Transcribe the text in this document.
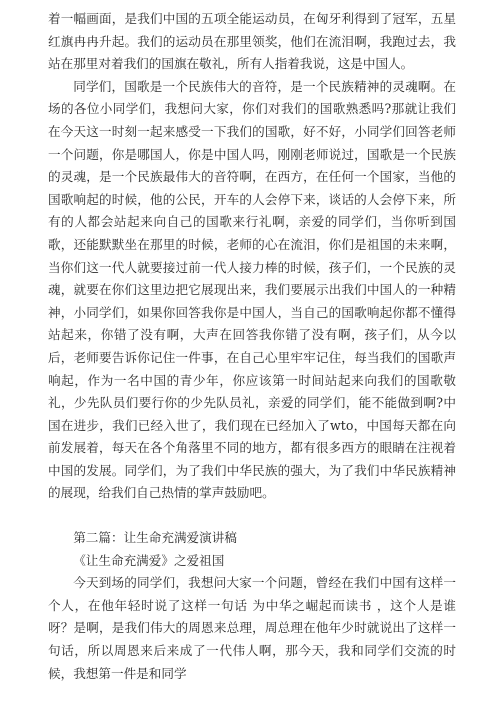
着一幅画面，是我们中国的五项全能运动员，在匈牙利得到了冠军，五星红旗冉冉升起。我们的运动员在那里领奖，他们在流泪啊，我跑过去，我站在那里对着我们的国旗在敬礼，所有人指着我说，这是中国人。

同学们，国歌是一个民族伟大的音符，是一个民族精神的灵魂啊。在场的各位小同学们，我想问大家，你们对我们的国歌熟悉吗?那就让我们在今天这一时刻一起来感受一下我们的国歌，好不好，小同学们回答老师一个问题，你是哪国人，你是中国人吗，刚刚老师说过，国歌是一个民族的灵魂，是一个民族最伟大的音符啊，在西方，在任何一个国家，当他的国歌响起的时候，他的公民，开车的人会停下来，谈话的人会停下来，所有的人都会站起来向自己的国歌来行礼啊，亲爱的同学们，当你听到国歌，还能默默坐在那里的时候，老师的心在流泪，你们是祖国的未来啊，当你们这一代人就要接过前一代人接力棒的时候，孩子们，一个民族的灵魂，就要在你们这里边把它展现出来，我们要展示出我们中国人的一种精神，小同学们，如果你回答我你是中国人，当自己的国歌响起你都不懂得站起来，你错了没有啊，大声在回答我你错了没有啊，孩子们，从今以后，老师要告诉你记住一件事，在自己心里牢牢记住，每当我们的国歌声响起，作为一名中国的青少年，你应该第一时间站起来向我们的国歌敬礼，少先队员们要行你的少先队员礼，亲爱的同学们，能不能做到啊?中国在进步，我们已经入世了，我们现在已经加入了wto，中国每天都在向前发展着，每天在各个角落里不同的地方，都有很多西方的眼睛在注视着中国的发展。同学们，为了我们中华民族的强大，为了我们中华民族精神的展现，给我们自己热情的掌声鼓励吧。

第二篇：让生命充满爱演讲稿

《让生命充满爱》之爱祖国

今天到场的同学们，我想问大家一个问题，曾经在我们中国有这样一个人，在他年轻时说了这样一句话 为中华之崛起而读书 ，这个人是谁呀？是啊，是我们伟大的周恩来总理，周总理在他年少时就说出了这样一句话，所以周恩来后来成了一代伟人啊，那今天，我和同学们交流的时候，我想第一件是和同学
